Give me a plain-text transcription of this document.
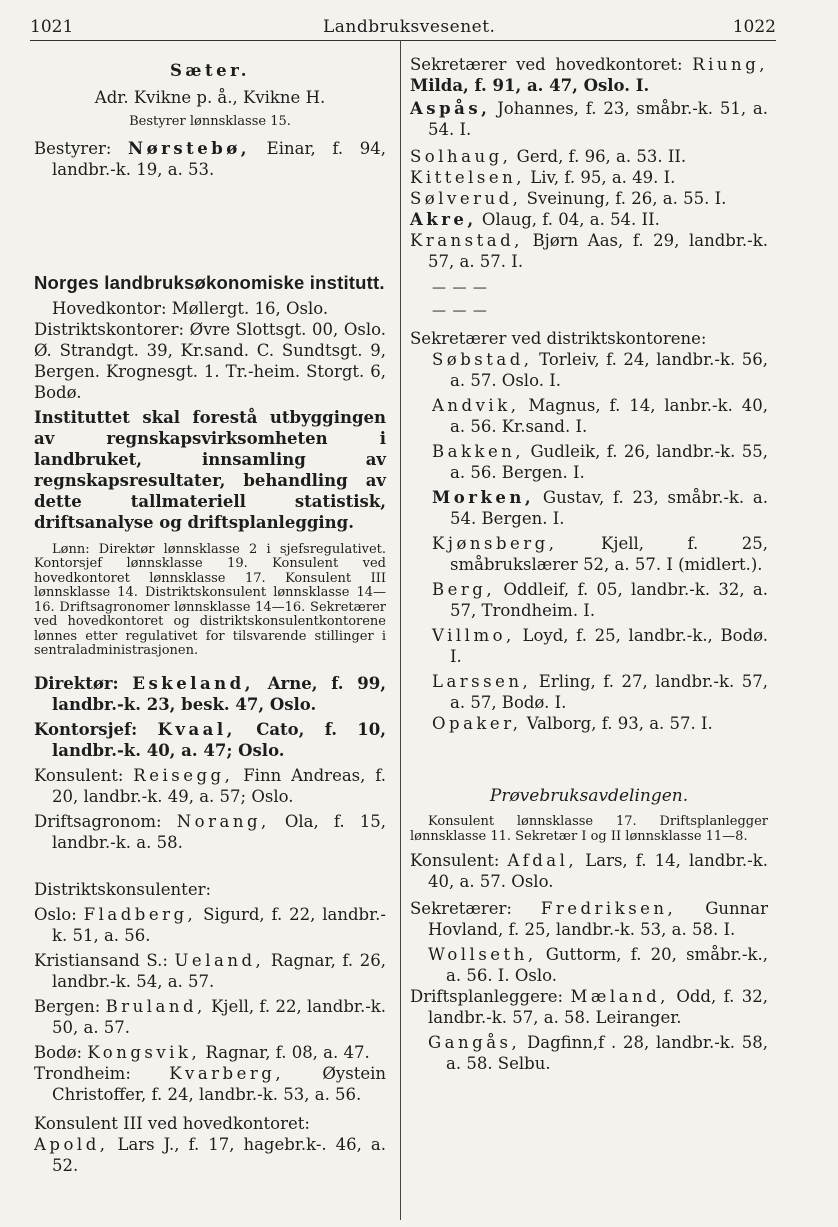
1021	Landbruksvesenet.	1022

Sæter.

Adr. Kvikne p. å., Kvikne H.

Bestyrer lønnsklasse 15.

Bestyrer: Nørstebø, Einar, f. 94, landbr.-k. 19, a. 53.

Norges landbruksøkonomiske institutt.

Hovedkontor: Møllergt. 16, Oslo.

Distriktskontorer: Øvre Slottsgt. 00, Oslo. Ø. Strandgt. 39, Kr.sand. C. Sundtsgt. 9, Bergen. Krognesgt. 1. Tr.-heim. Storgt. 6, Bodø.

Instituttet skal forestå utbyggingen av regnskapsvirksomheten i landbruket, innsamling av regnskapsresultater, behandling av dette tallmateriell statistisk, driftsanalyse og driftsplanlegging.

Lønn: Direktør lønnsklasse 2 i sjefsregulativet. Kontorsjef lønnsklasse 19. Konsulent ved hovedkontoret lønnsklasse 17. Konsulent III lønnsklasse 14. Distriktskonsulent lønnsklasse 14—16. Driftsagronomer lønnsklasse 14—16. Sekretærer ved hovedkontoret og distriktskonsulentkontorene lønnes etter regulativet for tilsvarende stillinger i sentraladministrasjonen.

Direktør: Eskeland, Arne, f. 99, landbr.-k. 23, besk. 47, Oslo.

Kontorsjef: Kvaal, Cato, f. 10, landbr.-k. 40, a. 47; Oslo.

Konsulent: Reisegg, Finn Andreas, f. 20, landbr.-k. 49, a. 57; Oslo.

Driftsagronom: Norang, Ola, f. 15, landbr.-k. a. 58.

Distriktskonsulenter:

Oslo: Fladberg, Sigurd, f. 22, landbr.-k. 51, a. 56.

Kristiansand S.: Ueland, Ragnar, f. 26, landbr.-k. 54, a. 57.

Bergen: Bruland, Kjell, f. 22, landbr.-k. 50, a. 57.

Bodø: Kongsvik, Ragnar, f. 08, a. 47.

Trondheim: Kvarberg, Øystein Christoffer, f. 24, landbr.-k. 53, a. 56.

Konsulent III ved hovedkontoret:

Apold, Lars J., f. 17, hagebr.k-. 46, a. 52.

Sekretærer ved hovedkontoret: Riung, Milda, f. 91, a. 47, Oslo. I.

Aspås, Johannes, f. 23, småbr.-k. 51, a. 54. I.

Solhaug, Gerd, f. 96, a. 53. II.

Kittelsen, Liv, f. 95, a. 49. I.

Sølverud, Sveinung, f. 26, a. 55. I.

Akre, Olaug, f. 04, a. 54. II.

Kranstad, Bjørn Aas, f. 29, landbr.-k. 57, a. 57. I.

— — —

— — —

Sekretærer ved distriktskontorene:

Søbstad, Torleiv, f. 24, landbr.-k. 56, a. 57. Oslo. I.

Andvik, Magnus, f. 14, lanbr.-k. 40, a. 56. Kr.sand. I.

Bakken, Gudleik, f. 26, landbr.-k. 55, a. 56. Bergen. I.

Morken, Gustav, f. 23, småbr.-k. a. 54. Bergen. I.

Kjønsberg,	Kjell, f. 25, småbrukslærer 52, a. 57. I (midlert.).

Berg, Oddleif, f. 05, landbr.-k. 32, a. 57, Trondheim. I.

Villmo, Loyd, f. 25, landbr.-k., Bodø. I.

Larssen, Erling, f. 27, landbr.-k. 57, a. 57, Bodø. I.

Opaker, Valborg, f. 93, a. 57. I.

Prøvebruksavdelingen.

Konsulent lønnsklasse 17. Driftsplanlegger lønnsklasse 11. Sekretær I og II lønnsklasse 11—8.

Konsulent: Afdal, Lars, f. 14, landbr.-k. 40, a. 57. Oslo.

Sekretærer: Fredriksen, Gunnar Hovland, f. 25, landbr.-k. 53, a. 58. I.

Wollseth, Guttorm, f. 20, småbr.-k., a. 56. I. Oslo.

Driftsplanleggere: Mæland, Odd, f. 32, landbr.-k. 57, a. 58. Leiranger.

Gangås, Dagfinn,f . 28, landbr.-k. 58, a. 58. Selbu.
